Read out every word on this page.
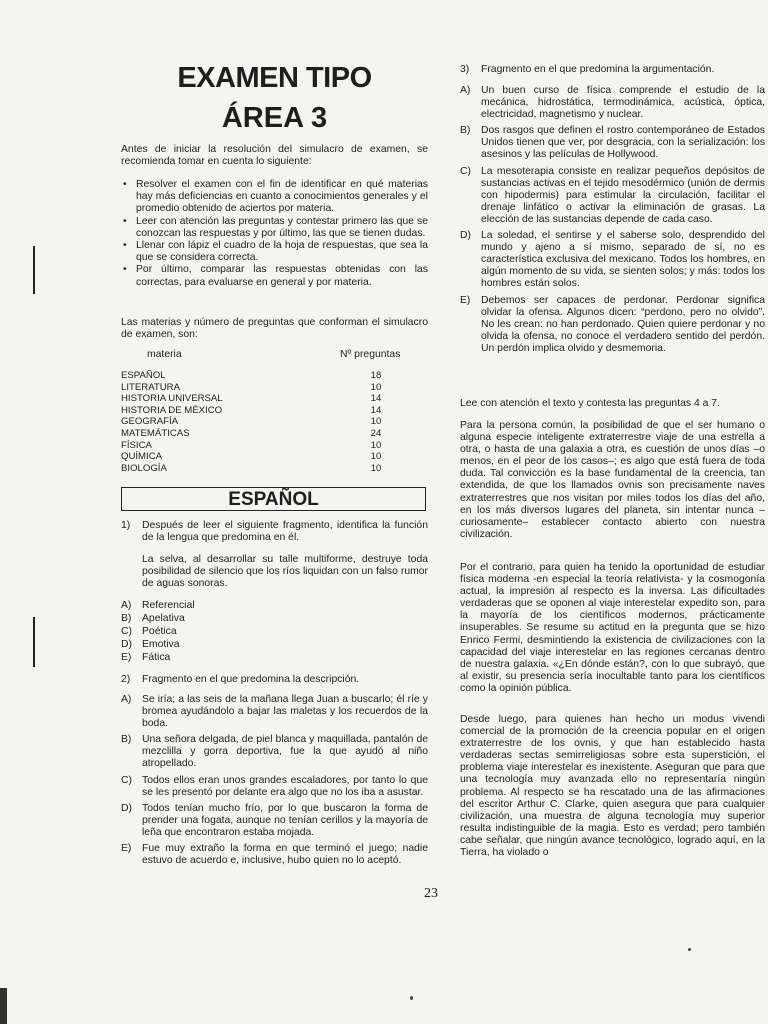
EXAMEN TIPO
ÁREA 3

Antes de iniciar la resolución del simulacro de examen, se recomienda tomar en cuenta lo siguiente:

• Resolver el examen con el fin de identificar en qué materias hay más deficiencias en cuanto a conocimientos generales y el promedio obtenido de aciertos por materia.
• Leer con atención las preguntas y contestar primero las que se conozcan las respuestas y por último, las que se tienen dudas.
• Llenar con lápiz el cuadro de la hoja de respuestas, que sea la que se considera correcta.
• Por último, comparar las respuestas obtenidas con las correctas, para evaluarse en general y por materia.

Las materias y número de preguntas que conforman el simulacro de examen, son:

materia	Nº preguntas
ESPAÑOL	18
LITERATURA	10
HISTORIA UNIVERSAL	14
HISTORIA DE MÉXICO	14
GEOGRAFÍA	10
MATEMÁTICAS	24
FÍSICA	10
QUÍMICA	10
BIOLOGÍA	10
ESPAÑOL
1) Después de leer el siguiente fragmento, identifica la función de la lengua que predomina en él.
La selva, al desarrollar su talle multiforme, destruye toda posibilidad de silencio que los ríos liquidan con un falso rumor de aguas sonoras.
A) Referencial
B) Apelativa
C) Poética
D) Emotiva
E) Fática
2) Fragmento en el que predomina la descripción.
A) Se iría; a las seis de la mañana llega Juan a buscarlo; él ríe y bromea ayudándolo a bajar las maletas y los recuerdos de la boda.
B) Una señora delgada, de piel blanca y maquillada, pantalón de mezclilla y gorra deportiva, fue la que ayudó al niño atropellado.
C) Todos ellos eran unos grandes escaladores, por tanto lo que se les presentó por delante era algo que no los iba a asustar.
D) Todos tenían mucho frío, por lo que buscaron la forma de prender una fogata, aunque no tenían cerillos y la mayoría de leña que encontraron estaba mojada.
E) Fue muy extraño la forma en que terminó el juego; nadie estuvo de acuerdo e, inclusive, hubo quien no lo aceptó.
3) Fragmento en el que predomina la argumentación.
A) Un buen curso de física comprende el estudio de la mecánica, hidrostática, termodinámica, acústica, óptica, electricidad, magnetismo y nuclear.
B) Dos rasgos que definen el rostro contemporáneo de Estados Unidos tienen que ver, por desgracia, con la serialización: los asesinos y las películas de Hollywood.
C) La mesoterapia consiste en realizar pequeños depósitos de sustancias activas en el tejido mesodérmico (unión de dermis con hipodermis) para estimular la circulación, facilitar el drenaje linfático o activar la eliminación de grasas. La elección de las sustancias depende de cada caso.
D) La soledad, el sentirse y el saberse solo, desprendido del mundo y ajeno a sí mismo, separado de sí, no es característica exclusiva del mexicano. Todos los hombres, en algún momento de su vida, se sienten solos; y más: todos los hombres están solos.
E) Debemos ser capaces de perdonar. Perdonar significa olvidar la ofensa. Algunos dicen: “perdono, pero no olvido”. No les crean: no han perdonado. Quien quiere perdonar y no olvida la ofensa, no conoce el verdadero sentido del perdón. Un perdón implica olvido y desmemoria.

Lee con atención el texto y contesta las preguntas 4 a 7.

Para la persona común, la posibilidad de que el ser humano o alguna especie inteligente extraterrestre viaje de una estrella a otra, o hasta de una galaxia a otra, es cuestión de unos días –o menos, en el peor de los casos–; es algo que está fuera de toda duda. Tal convicción es la base fundamental de la creencia, tan extendida, de que los llamados ovnis son precisamente naves extraterrestres que nos visitan por miles todos los días del año, en los más diversos lugares del planeta, sin intentar nunca –curiosamente– establecer contacto abierto con nuestra civilización.

Por el contrario, para quien ha tenido la oportunidad de estudiar física moderna -en especial la teoría relativista- y la cosmogonía actual, la impresión al respecto es la inversa. Las dificultades verdaderas que se oponen al viaje interestelar expedito son, para la mayoría de los científicos modernos, prácticamente insuperables. Se resume su actitud en la pregunta que se hizo Enrico Fermi, desmintiendo la existencia de civilizaciones con la capacidad del viaje interestelar en las regiones cercanas dentro de nuestra galaxia. «¿En dónde están?, con lo que subrayó, que al existir, su presencia sería inocultable tanto para los científicos como la opinión pública.

Desde luego, para quienes han hecho un modus vivendi comercial de la promoción de la creencia popular en el origen extraterrestre de los ovnis, y que han establecido hasta verdaderas sectas semirreligiosas sobre esta superstición, el problema viaje interestelar es inexistente. Aseguran que para que una tecnología muy avanzada ello no representaría ningún problema. Al respecto se ha rescatado una de las afirmaciones del escritor Arthur C. Clarke, quien asegura que para cualquier civilización, una muestra de alguna tecnología muy superior resulta indistinguible de la magia. Esto es verdad; pero también cabe señalar, que ningún avance tecnológico, logrado aquí, en la Tierra, ha violado o

23
